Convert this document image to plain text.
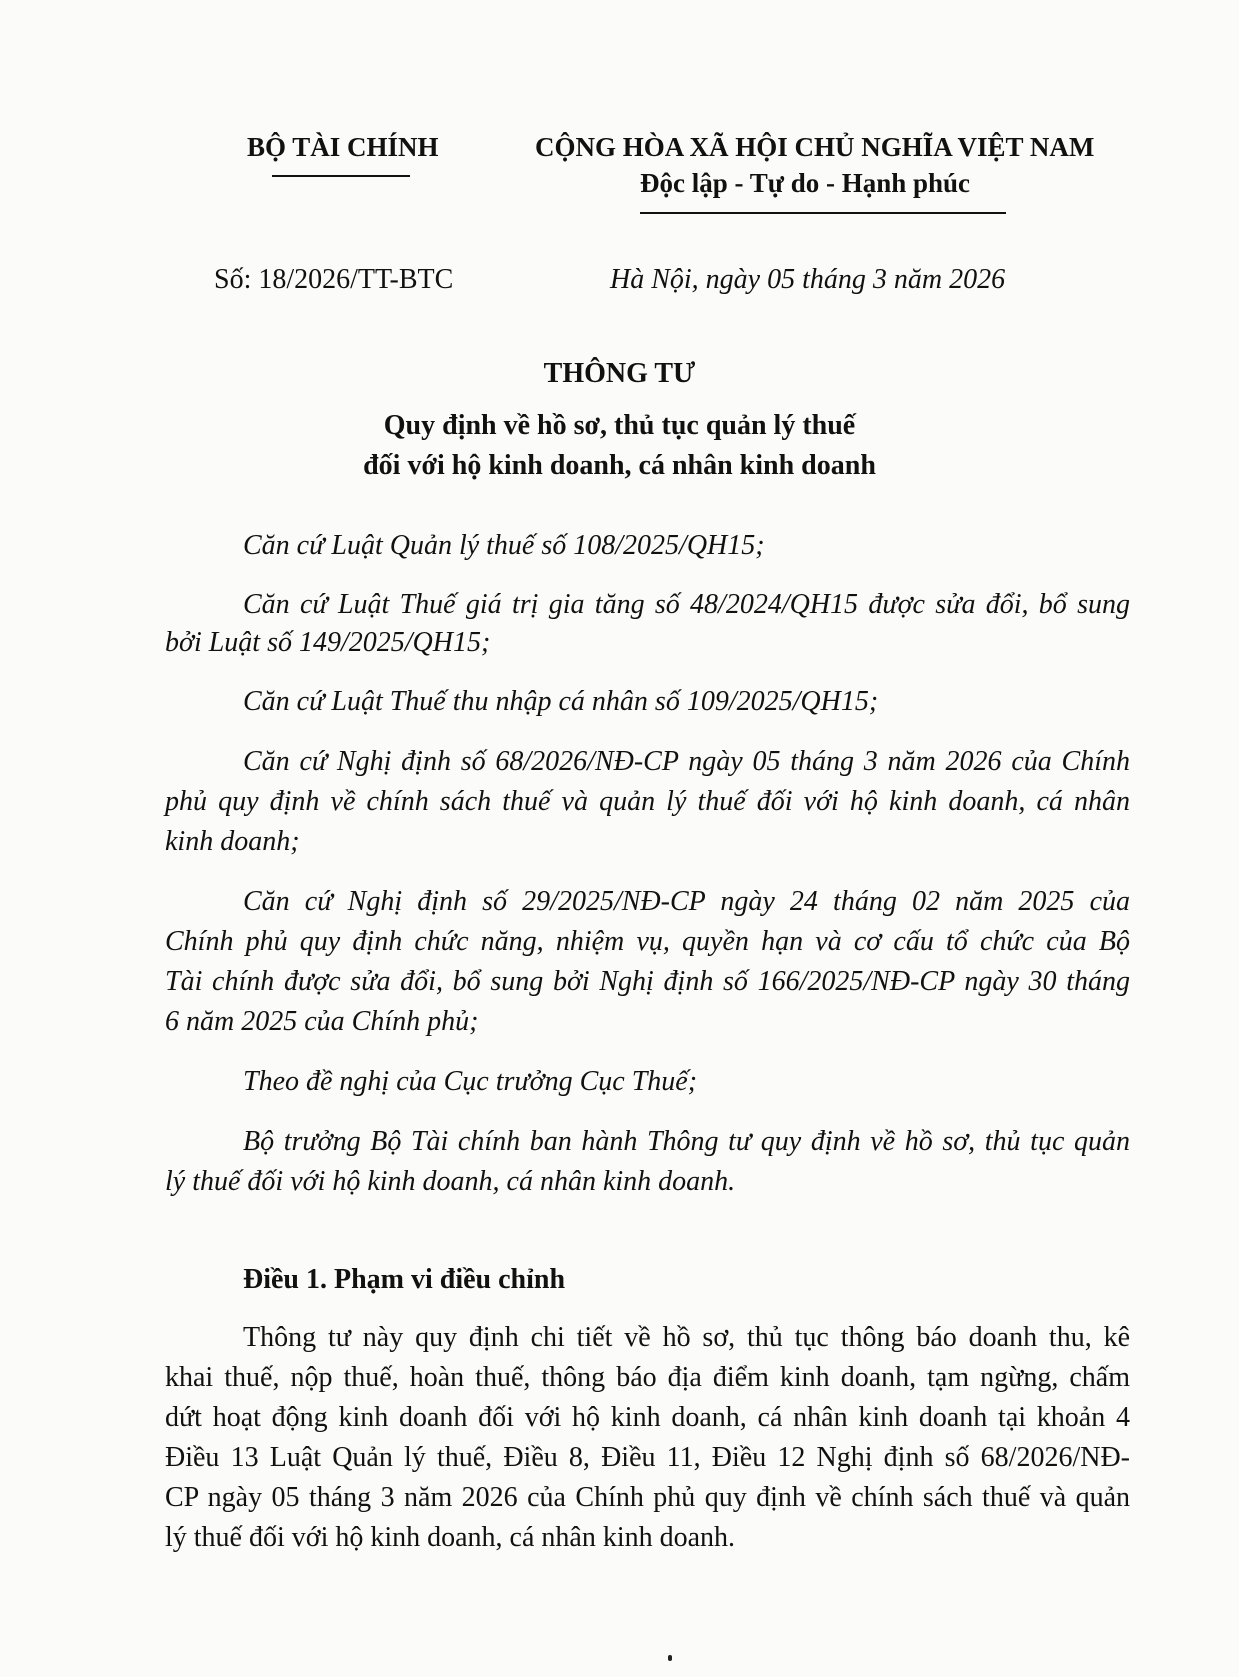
BỘ TÀI CHÍNH	CỘNG HÒA XÃ HỘI CHỦ NGHĨA VIỆT NAM
Độc lập - Tự do - Hạnh phúc
Số: 18/2026/TT-BTC	Hà Nội, ngày 05 tháng 3 năm 2026
THÔNG TƯ
Quy định về hồ sơ, thủ tục quản lý thuế
đối với hộ kinh doanh, cá nhân kinh doanh
Căn cứ Luật Quản lý thuế số 108/2025/QH15;
Căn cứ Luật Thuế giá trị gia tăng số 48/2024/QH15 được sửa đổi, bổ sung
bởi Luật số 149/2025/QH15;
Căn cứ Luật Thuế thu nhập cá nhân số 109/2025/QH15;
Căn cứ Nghị định số 68/2026/NĐ-CP ngày 05 tháng 3 năm 2026 của Chính
phủ quy định về chính sách thuế và quản lý thuế đối với hộ kinh doanh, cá nhân
kinh doanh;
Căn cứ Nghị định số 29/2025/NĐ-CP ngày 24 tháng 02 năm 2025 của
Chính phủ quy định chức năng, nhiệm vụ, quyền hạn và cơ cấu tổ chức của Bộ
Tài chính được sửa đổi, bổ sung bởi Nghị định số 166/2025/NĐ-CP ngày 30 tháng
6 năm 2025 của Chính phủ;
Theo đề nghị của Cục trưởng Cục Thuế;
Bộ trưởng Bộ Tài chính ban hành Thông tư quy định về hồ sơ, thủ tục quản
lý thuế đối với hộ kinh doanh, cá nhân kinh doanh.
Điều 1. Phạm vi điều chỉnh
Thông tư này quy định chi tiết về hồ sơ, thủ tục thông báo doanh thu, kê
khai thuế, nộp thuế, hoàn thuế, thông báo địa điểm kinh doanh, tạm ngừng, chấm
dứt hoạt động kinh doanh đối với hộ kinh doanh, cá nhân kinh doanh tại khoản 4
Điều 13 Luật Quản lý thuế, Điều 8, Điều 11, Điều 12 Nghị định số 68/2026/NĐ-
CP ngày 05 tháng 3 năm 2026 của Chính phủ quy định về chính sách thuế và quản
lý thuế đối với hộ kinh doanh, cá nhân kinh doanh.
